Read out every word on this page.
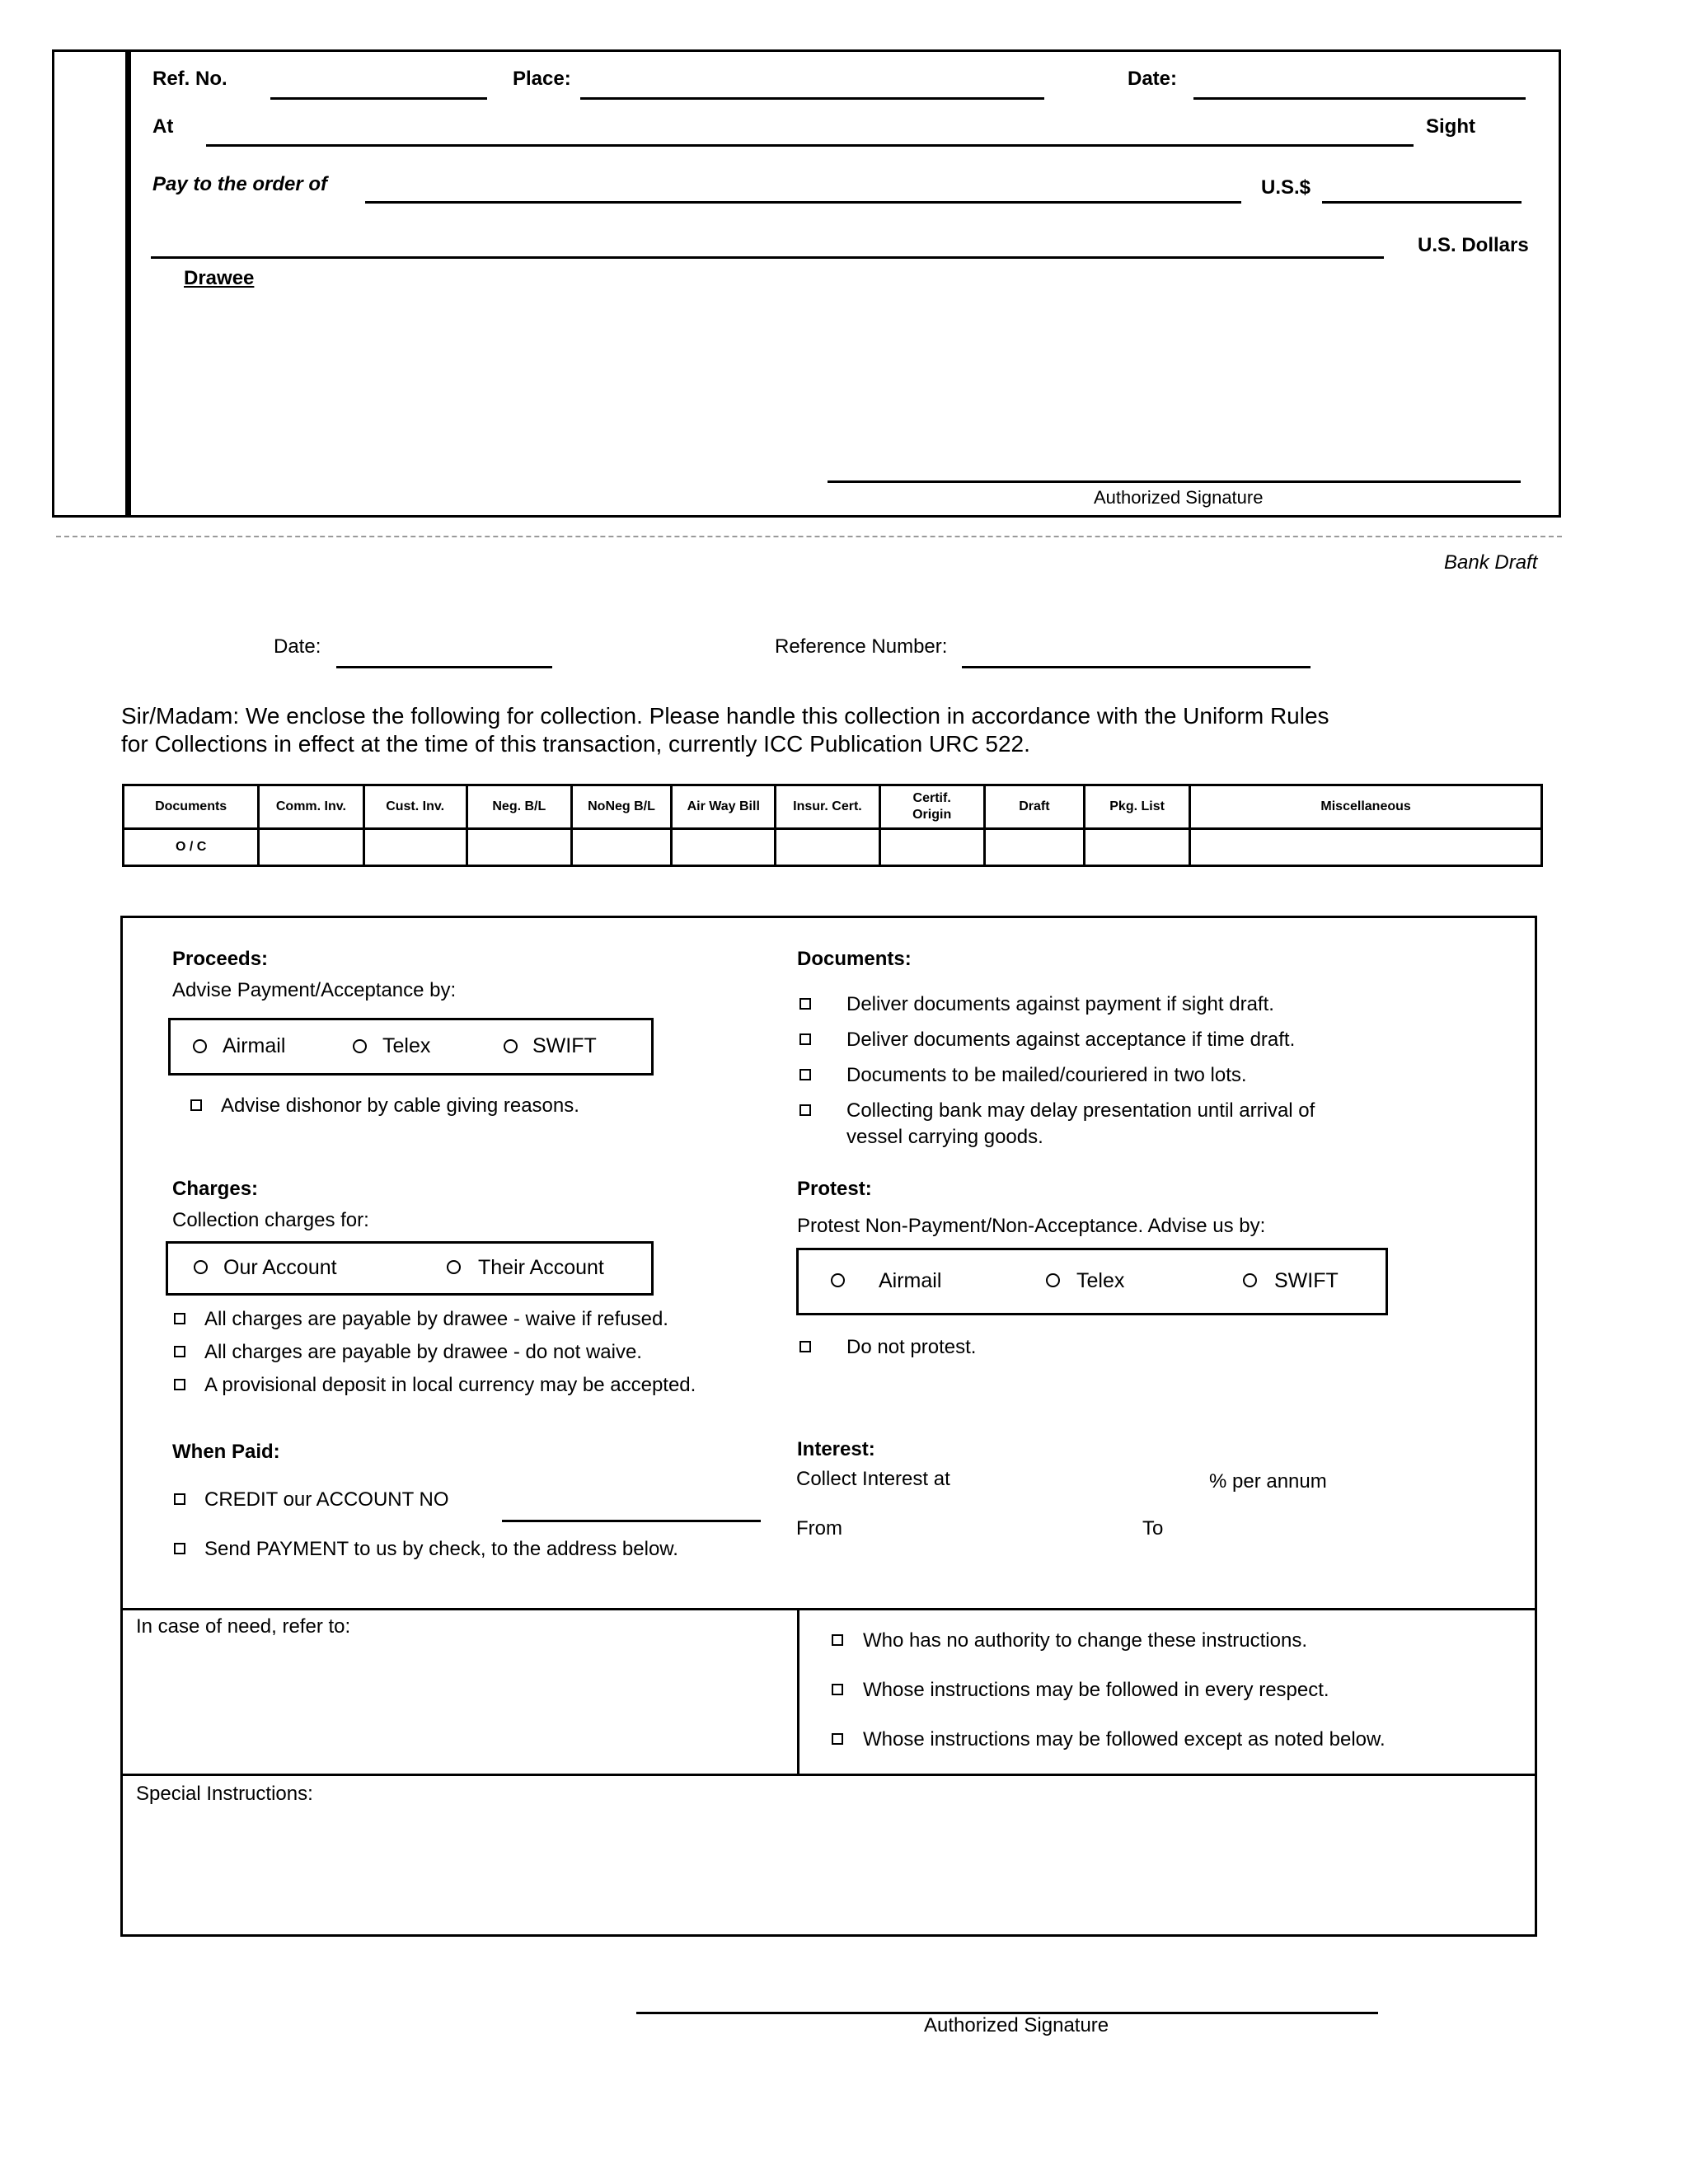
Ref. No.	Place:	Date:
At	Sight
Pay to the order of	U.S.$
U.S. Dollars
Drawee
Authorized Signature
Bank Draft
Date:	Reference Number:
Sir/Madam: We enclose the following for collection. Please handle this collection in accordance with the Uniform Rules
for Collections in effect at the time of this transaction, currently ICC Publication URC 522.
Documents	Comm. Inv.	Cust. Inv.	Neg. B/L	NoNeg B/L	Air Way Bill	Insur. Cert.	Certif. Origin	Draft	Pkg. List	Miscellaneous
O / C										
Proceeds:
Advise Payment/Acceptance by:
Airmail	Telex	SWIFT
Advise dishonor by cable giving reasons.
Documents:
Deliver documents against payment if sight draft.
Deliver documents against acceptance if time draft.
Documents to be mailed/couriered in two lots.
Collecting bank may delay presentation until arrival of
vessel carrying goods.
Charges:
Collection charges for:
Our Account	Their Account
All charges are payable by drawee - waive if refused.
All charges are payable by drawee - do not waive.
A provisional deposit in local currency may be accepted.
Protest:
Protest Non-Payment/Non-Acceptance. Advise us by:
Airmail	Telex	SWIFT
Do not protest.
When Paid:
CREDIT our ACCOUNT NO
Send PAYMENT to us by check, to the address below.
Interest:
Collect Interest at	% per annum
From	To
In case of need, refer to:
Who has no authority to change these instructions.
Whose instructions may be followed in every respect.
Whose instructions may be followed except as noted below.
Special Instructions:
Authorized Signature
